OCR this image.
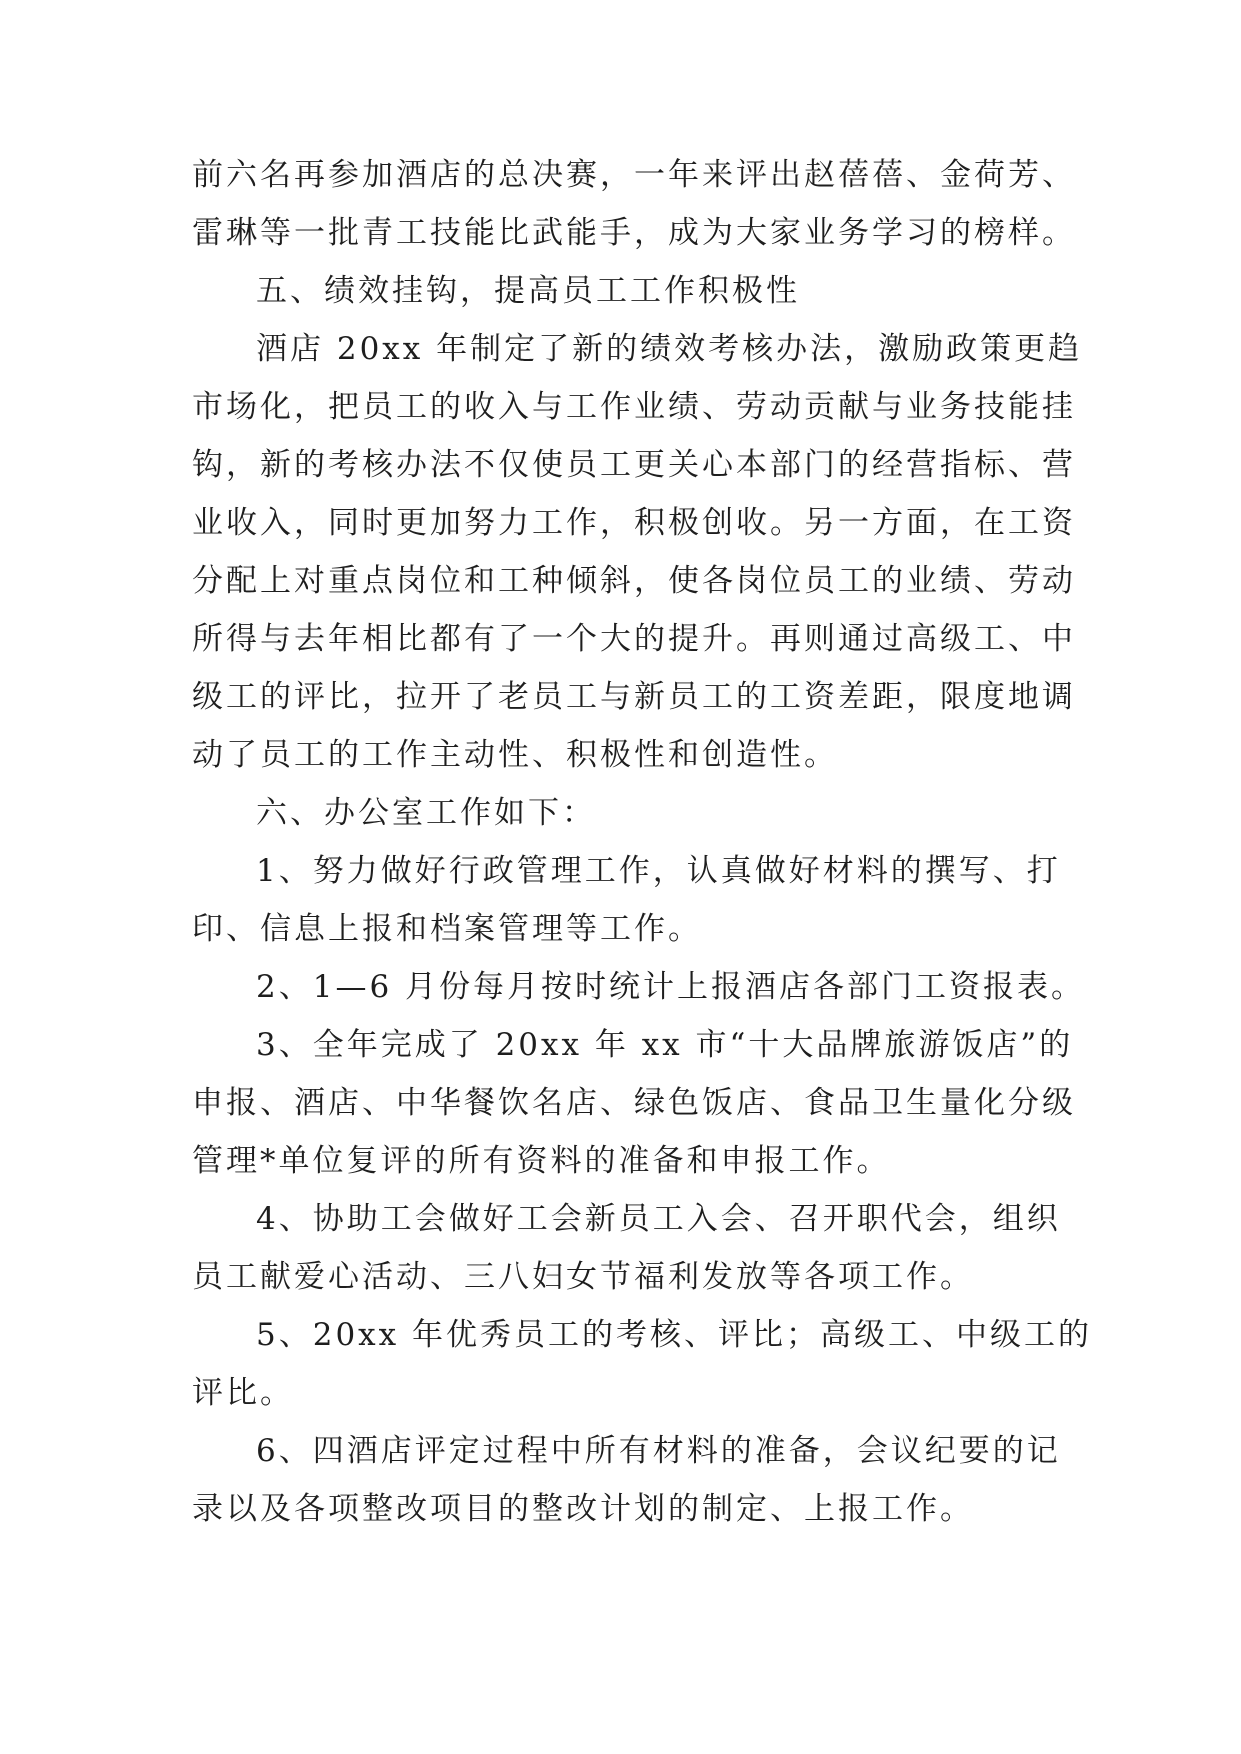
前六名再参加酒店的总决赛，一年来评出赵蓓蓓、金荷芳、
雷琳等一批青工技能比武能手，成为大家业务学习的榜样。
五、绩效挂钩，提高员工工作积极性
酒店 20xx 年制定了新的绩效考核办法，激励政策更趋
市场化，把员工的收入与工作业绩、劳动贡献与业务技能挂
钩，新的考核办法不仅使员工更关心本部门的经营指标、营
业收入，同时更加努力工作，积极创收。另一方面，在工资
分配上对重点岗位和工种倾斜，使各岗位员工的业绩、劳动
所得与去年相比都有了一个大的提升。再则通过高级工、中
级工的评比，拉开了老员工与新员工的工资差距，限度地调
动了员工的工作主动性、积极性和创造性。
六、办公室工作如下：
1、努力做好行政管理工作，认真做好材料的撰写、打
印、信息上报和档案管理等工作。
2、1—6 月份每月按时统计上报酒店各部门工资报表。
3、全年完成了 20xx 年 xx 市“十大品牌旅游饭店”的
申报、酒店、中华餐饮名店、绿色饭店、食品卫生量化分级
管理*单位复评的所有资料的准备和申报工作。
4、协助工会做好工会新员工入会、召开职代会，组织
员工献爱心活动、三八妇女节福利发放等各项工作。
5、20xx 年优秀员工的考核、评比；高级工、中级工的
评比。
6、四酒店评定过程中所有材料的准备，会议纪要的记
录以及各项整改项目的整改计划的制定、上报工作。
